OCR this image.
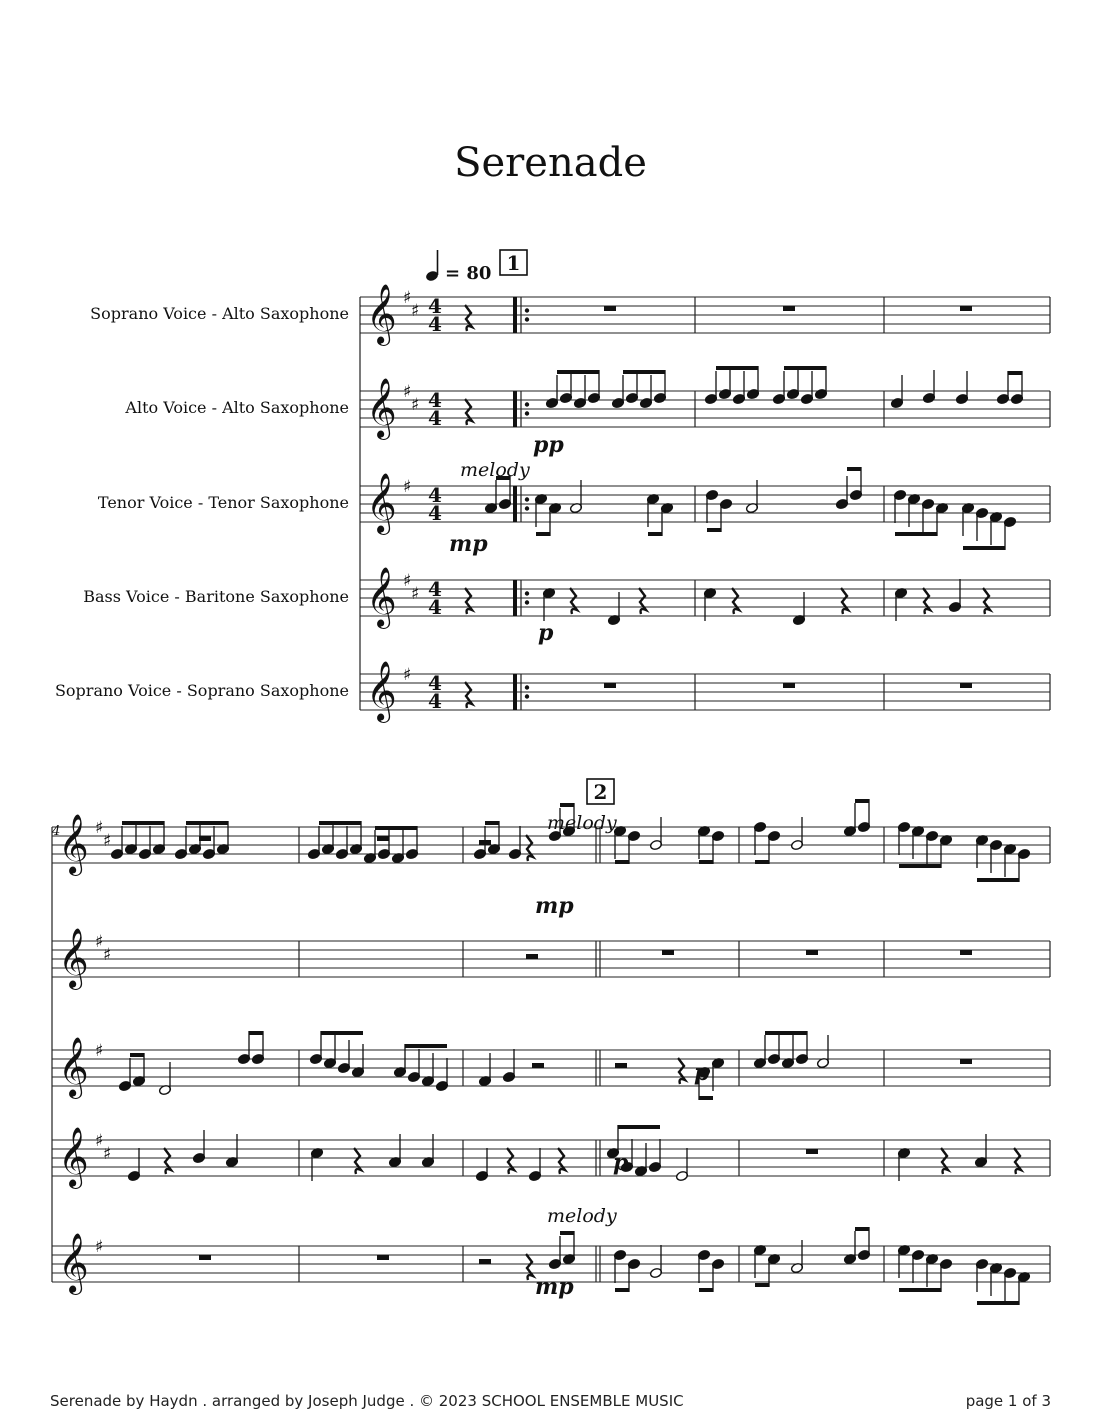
Serenade
Soprano Voice - Alto Saxophone
Alto Voice - Alto Saxophone
Tenor Voice - Tenor Saxophone
Bass Voice - Baritone Saxophone
Soprano Voice - Soprano Saxophone
𝄞
𝄞
𝄞
𝄞
𝄞
𝄞
𝄞
𝄞
𝄞
𝄞
♯
♯
♯
♯
♯
♯
♯
♯
♯
♯
♯
♯
♯
♯
♯
♯
4
4
4
4
4
4
4
4
4
4
= 80 1
2
4
melody
melody
melody
pp
mp
p
mp
p
p
mp
Serenade by Haydn . arranged by Joseph Judge . © 2023 SCHOOL ENSEMBLE MUSIC	page 1 of 3
